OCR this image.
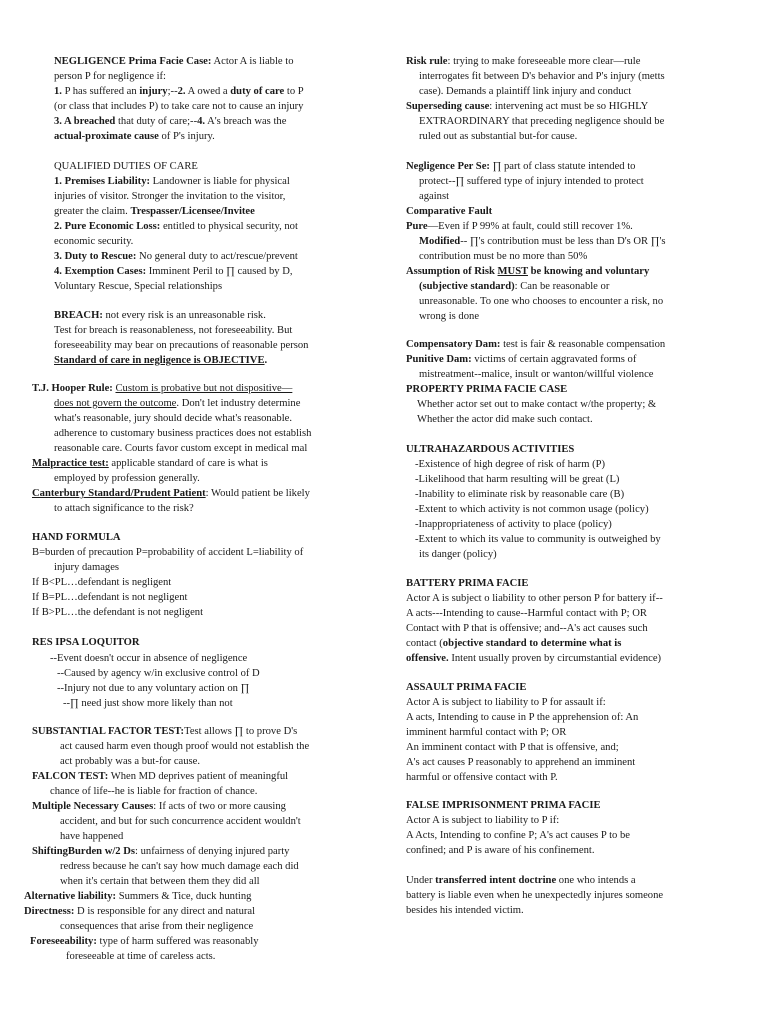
NEGLIGENCE Prima Facie Case: Actor A is liable to
person P for negligence if:
1. P has suffered an injury;--2. A owed a duty of care to P
(or class that includes P) to take care not to cause an injury
3. A breached that duty of care;--4. A's breach was the
actual-proximate cause of P's injury.
QUALIFIED DUTIES OF CARE
1. Premises Liability: Landowner is liable for physical
injuries of visitor. Stronger the invitation to the visitor,
greater the claim. Trespasser/Licensee/Invitee
2. Pure Economic Loss: entitled to physical security, not
economic security.
3. Duty to Rescue: No general duty to act/rescue/prevent
4. Exemption Cases: Imminent Peril to ∏ caused by D,
Voluntary Rescue, Special relationships
BREACH: not every risk is an unreasonable risk.
Test for breach is reasonableness, not foreseeability. But
foreseeability may bear on precautions of reasonable person
Standard of care in negligence is OBJECTIVE.
T.J. Hooper Rule: Custom is probative but not dispositive—
does not govern the outcome. Don't let industry determine
what's reasonable, jury should decide what's reasonable.
adherence to customary business practices does not establish
reasonable care. Courts favor custom except in medical mal
Malpractice test: applicable standard of care is what is
employed by profession generally.
Canterbury Standard/Prudent Patient: Would patient be likely
to attach significance to the risk?
HAND FORMULA
B=burden of precaution P=probability of accident L=liability of
injury damages
If B<PL…defendant is negligent
If B=PL…defendant is not negligent
If B>PL…the defendant is not negligent
RES IPSA LOQUITOR
--Event doesn't occur in absence of negligence
--Caused by agency w/in exclusive control of D
--Injury not due to any voluntary action on ∏
--∏ need just show more likely than not
SUBSTANTIAL FACTOR TEST:Test allows ∏ to prove D's
act caused harm even though proof would not establish the
act probably was a but-for cause.
FALCON TEST: When MD deprives patient of meaningful
chance of life--he is liable for fraction of chance.
Multiple Necessary Causes: If acts of two or more causing
accident, and but for such concurrence accident wouldn't
have happened
ShiftingBurden w/2 Ds: unfairness of denying injured party
redress because he can't say how much damage each did
when it's certain that between them they did all
Alternative liability: Summers & Tice, duck hunting
Directness: D is responsible for any direct and natural
consequences that arise from their negligence
Foreseeability: type of harm suffered was reasonably
foreseeable at time of careless acts.
Risk rule: trying to make foreseeable more clear—rule
interrogates fit between D's behavior and P's injury (metts
case). Demands a plaintiff link injury and conduct
Superseding cause: intervening act must be so HIGHLY
EXTRAORDINARY that preceding negligence should be
ruled out as substantial but-for cause.
Negligence Per Se: ∏ part of class statute intended to
protect--∏ suffered type of injury intended to protect
against
Comparative Fault
Pure—Even if P 99% at fault, could still recover 1%.
Modified-- ∏'s contribution must be less than D's OR ∏'s
contribution must be no more than 50%
Assumption of Risk MUST be knowing and voluntary
(subjective standard): Can be reasonable or
unreasonable. To one who chooses to encounter a risk, no
wrong is done
Compensatory Dam: test is fair & reasonable compensation
Punitive Dam: victims of certain aggravated forms of
mistreatment--malice, insult or wanton/willful violence
PROPERTY PRIMA FACIE CASE
Whether actor set out to make contact w/the property; &
Whether the actor did make such contact.
ULTRAHAZARDOUS ACTIVITIES
-Existence of high degree of risk of harm (P)
-Likelihood that harm resulting will be great (L)
-Inability to eliminate risk by reasonable care (B)
-Extent to which activity is not common usage (policy)
-Inappropriateness of activity to place (policy)
-Extent to which its value to community is outweighed by
its danger (policy)
BATTERY PRIMA FACIE
Actor A is subject o liability to other person P for battery if--
A acts---Intending to cause--Harmful contact with P; OR
Contact with P that is offensive; and--A's act causes such
contact (objective standard to determine what is
offensive. Intent usually proven by circumstantial evidence)
ASSAULT PRIMA FACIE
Actor A is subject to liability to P for assault if:
A acts, Intending to cause in P the apprehension of: An
imminent harmful contact with P; OR
An imminent contact with P that is offensive, and;
A's act causes P reasonably to apprehend an imminent
harmful or offensive contact with P.
FALSE IMPRISONMENT PRIMA FACIE
Actor A is subject to liability to P if:
A Acts, Intending to confine P; A's act causes P to be
confined; and P is aware of his confinement.
Under transferred intent doctrine one who intends a
battery is liable even when he unexpectedly injures someone
besides his intended victim.
